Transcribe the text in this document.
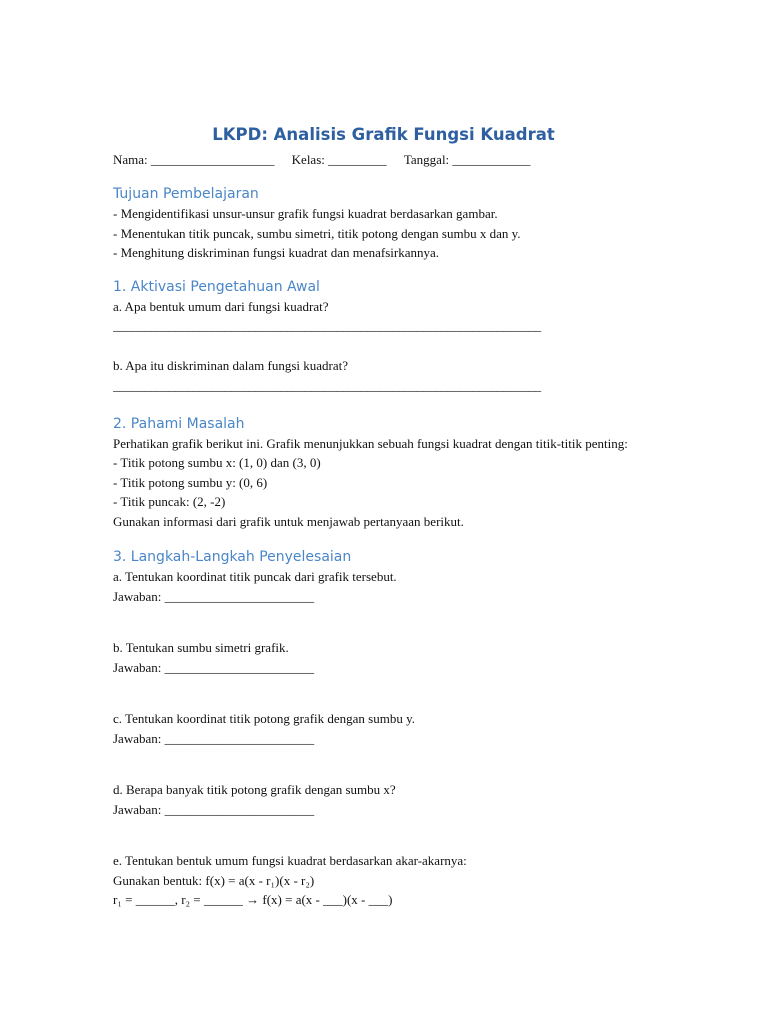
LKPD: Analisis Grafik Fungsi Kuadrat
Nama: ___________________ Kelas: _________ Tanggal: ____________
Tujuan Pembelajaran

- Mengidentifikasi unsur-unsur grafik fungsi kuadrat berdasarkan gambar.

- Menentukan titik puncak, sumbu simetri, titik potong dengan sumbu x dan y.

- Menghitung diskriminan fungsi kuadrat dan menafsirkannya.

1. Aktivasi Pengetahuan Awal

a. Apa bentuk umum dari fungsi kuadrat?

_____________________________________________________________________

b. Apa itu diskriminan dalam fungsi kuadrat?

_____________________________________________________________________

2. Pahami Masalah

Perhatikan grafik berikut ini. Grafik menunjukkan sebuah fungsi kuadrat dengan titik-titik penting:

- Titik potong sumbu x: (1, 0) dan (3, 0)

- Titik potong sumbu y: (0, 6)

- Titik puncak: (2, -2)

Gunakan informasi dari grafik untuk menjawab pertanyaan berikut.

3. Langkah-Langkah Penyelesaian

a. Tentukan koordinat titik puncak dari grafik tersebut.

Jawaban: _______________________

b. Tentukan sumbu simetri grafik.

Jawaban: _______________________

c. Tentukan koordinat titik potong grafik dengan sumbu y.

Jawaban: _______________________

d. Berapa banyak titik potong grafik dengan sumbu x?

Jawaban: _______________________

e. Tentukan bentuk umum fungsi kuadrat berdasarkan akar-akarnya:

Gunakan bentuk: f(x) = a(x - r₁)(x - r₂)

r₁ = ______, r₂ = ______ → f(x) = a(x - ___)(x - ___)
